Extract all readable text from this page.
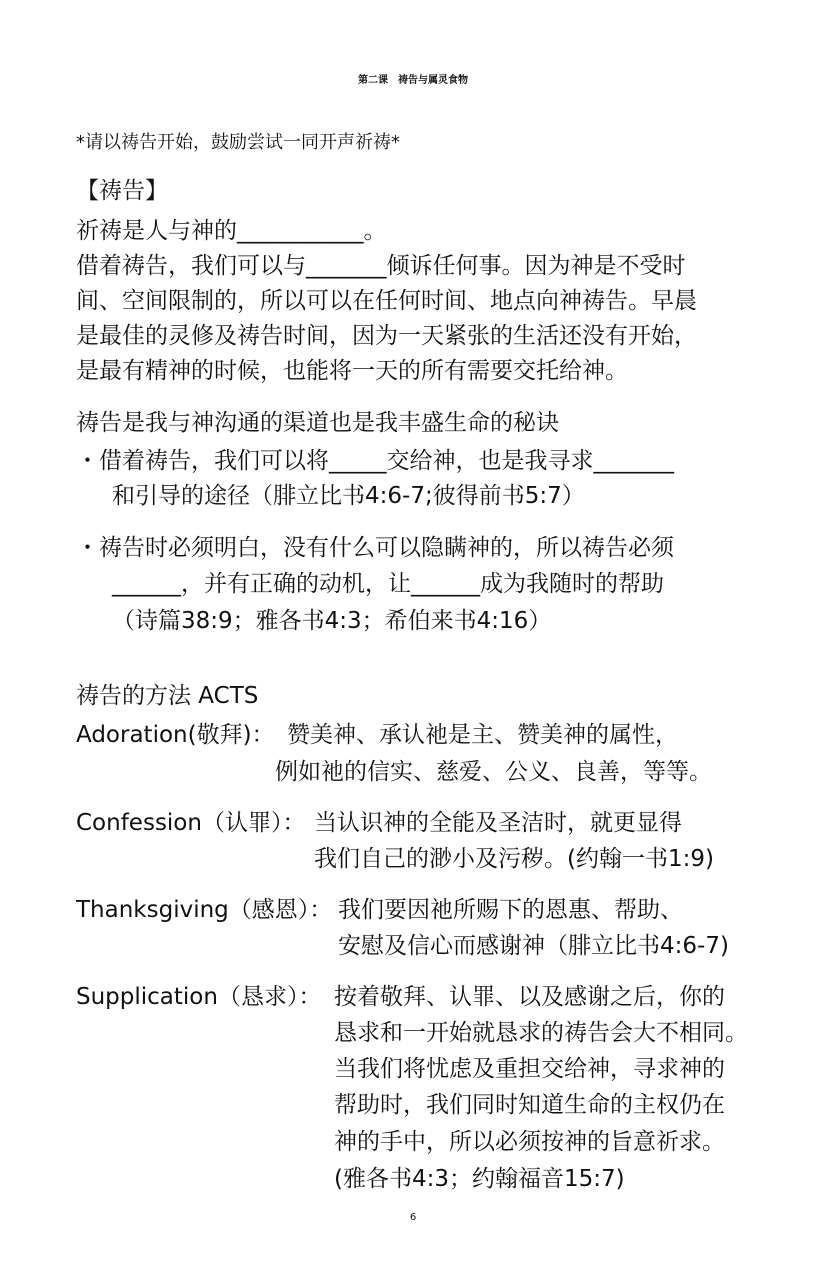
第二课　祷告与属灵食物
*请以祷告开始，鼓励尝试一同开声祈祷*
【祷告】
祈祷是人与神的___________。
借着祷告，我们可以与_______倾诉任何事。因为神是不受时
间、空间限制的，所以可以在任何时间、地点向神祷告。早晨
是最佳的灵修及祷告时间，因为一天紧张的生活还没有开始，
是最有精神的时候，也能将一天的所有需要交托给神。
祷告是我与神沟通的渠道也是我丰盛生命的秘诀
・借着祷告，我们可以将_____交给神，也是我寻求_______
和引导的途径（腓立比书4:6-7;彼得前书5:7）
・祷告时必须明白，没有什么可以隐瞒神的，所以祷告必须
______，并有正确的动机，让______成为我随时的帮助
（诗篇38:9；雅各书4:3；希伯来书4:16）
祷告的方法 ACTS
Adoration(敬拜)： 赞美神、承认祂是主、赞美神的属性，
例如祂的信实、慈爱、公义、良善，等等。
Confession（认罪）： 当认识神的全能及圣洁时，就更显得
我们自己的渺小及污秽。(约翰一书1:9)
Thanksgiving（感恩）： 我们要因祂所赐下的恩惠、帮助、
安慰及信心而感谢神（腓立比书4:6-7)
Supplication（恳求）： 按着敬拜、认罪、以及感谢之后，你的
恳求和一开始就恳求的祷告会大不相同。
当我们将忧虑及重担交给神，寻求神的
帮助时，我们同时知道生命的主权仍在
神的手中，所以必须按神的旨意祈求。
(雅各书4:3；约翰福音15:7)
6
